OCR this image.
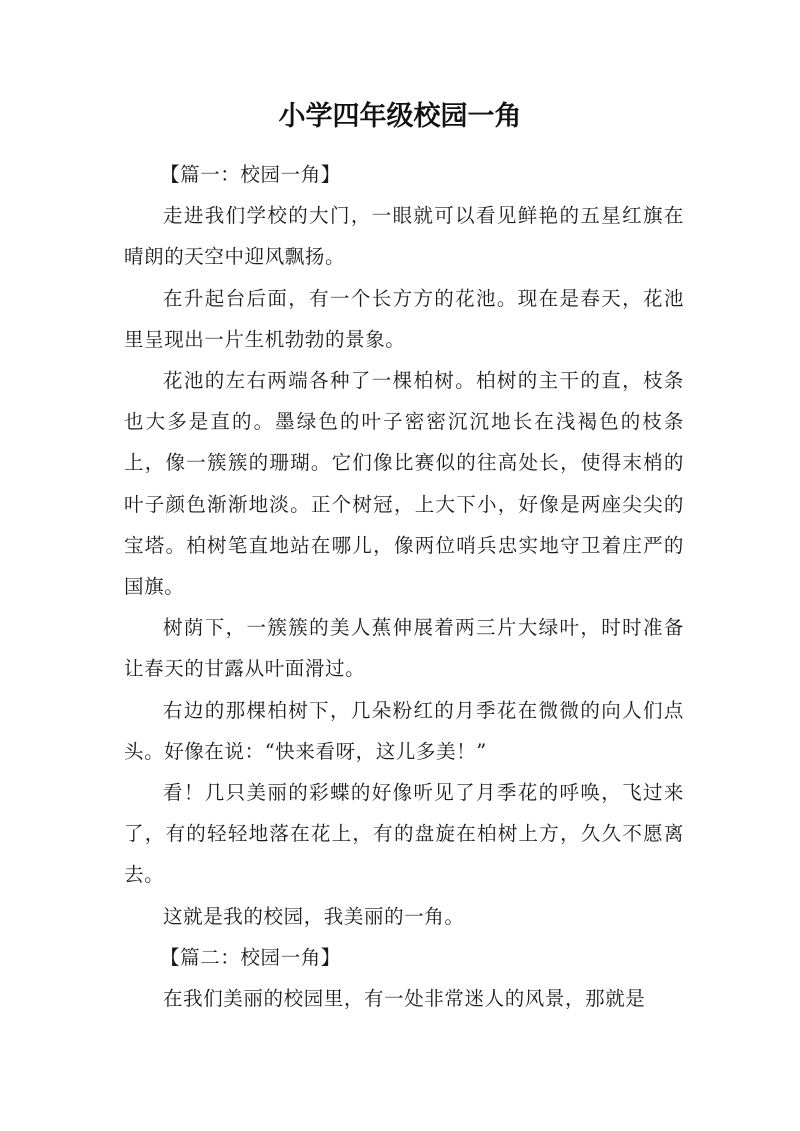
小学四年级校园一角

【篇一：校园一角】

走进我们学校的大门，一眼就可以看见鲜艳的五星红旗在晴朗的天空中迎风飘扬。

在升起台后面，有一个长方方的花池。现在是春天，花池里呈现出一片生机勃勃的景象。

花池的左右两端各种了一棵柏树。柏树的主干的直，枝条也大多是直的。墨绿色的叶子密密沉沉地长在浅褐色的枝条上，像一簇簇的珊瑚。它们像比赛似的往高处长，使得末梢的叶子颜色渐渐地淡。正个树冠，上大下小，好像是两座尖尖的宝塔。柏树笔直地站在哪儿，像两位哨兵忠实地守卫着庄严的国旗。

树荫下，一簇簇的美人蕉伸展着两三片大绿叶，时时准备让春天的甘露从叶面滑过。

右边的那棵柏树下，几朵粉红的月季花在微微的向人们点头。好像在说：“快来看呀，这儿多美！”

看！几只美丽的彩蝶的好像听见了月季花的呼唤，飞过来了，有的轻轻地落在花上，有的盘旋在柏树上方，久久不愿离去。

这就是我的校园，我美丽的一角。

【篇二：校园一角】

在我们美丽的校园里，有一处非常迷人的风景，那就是
